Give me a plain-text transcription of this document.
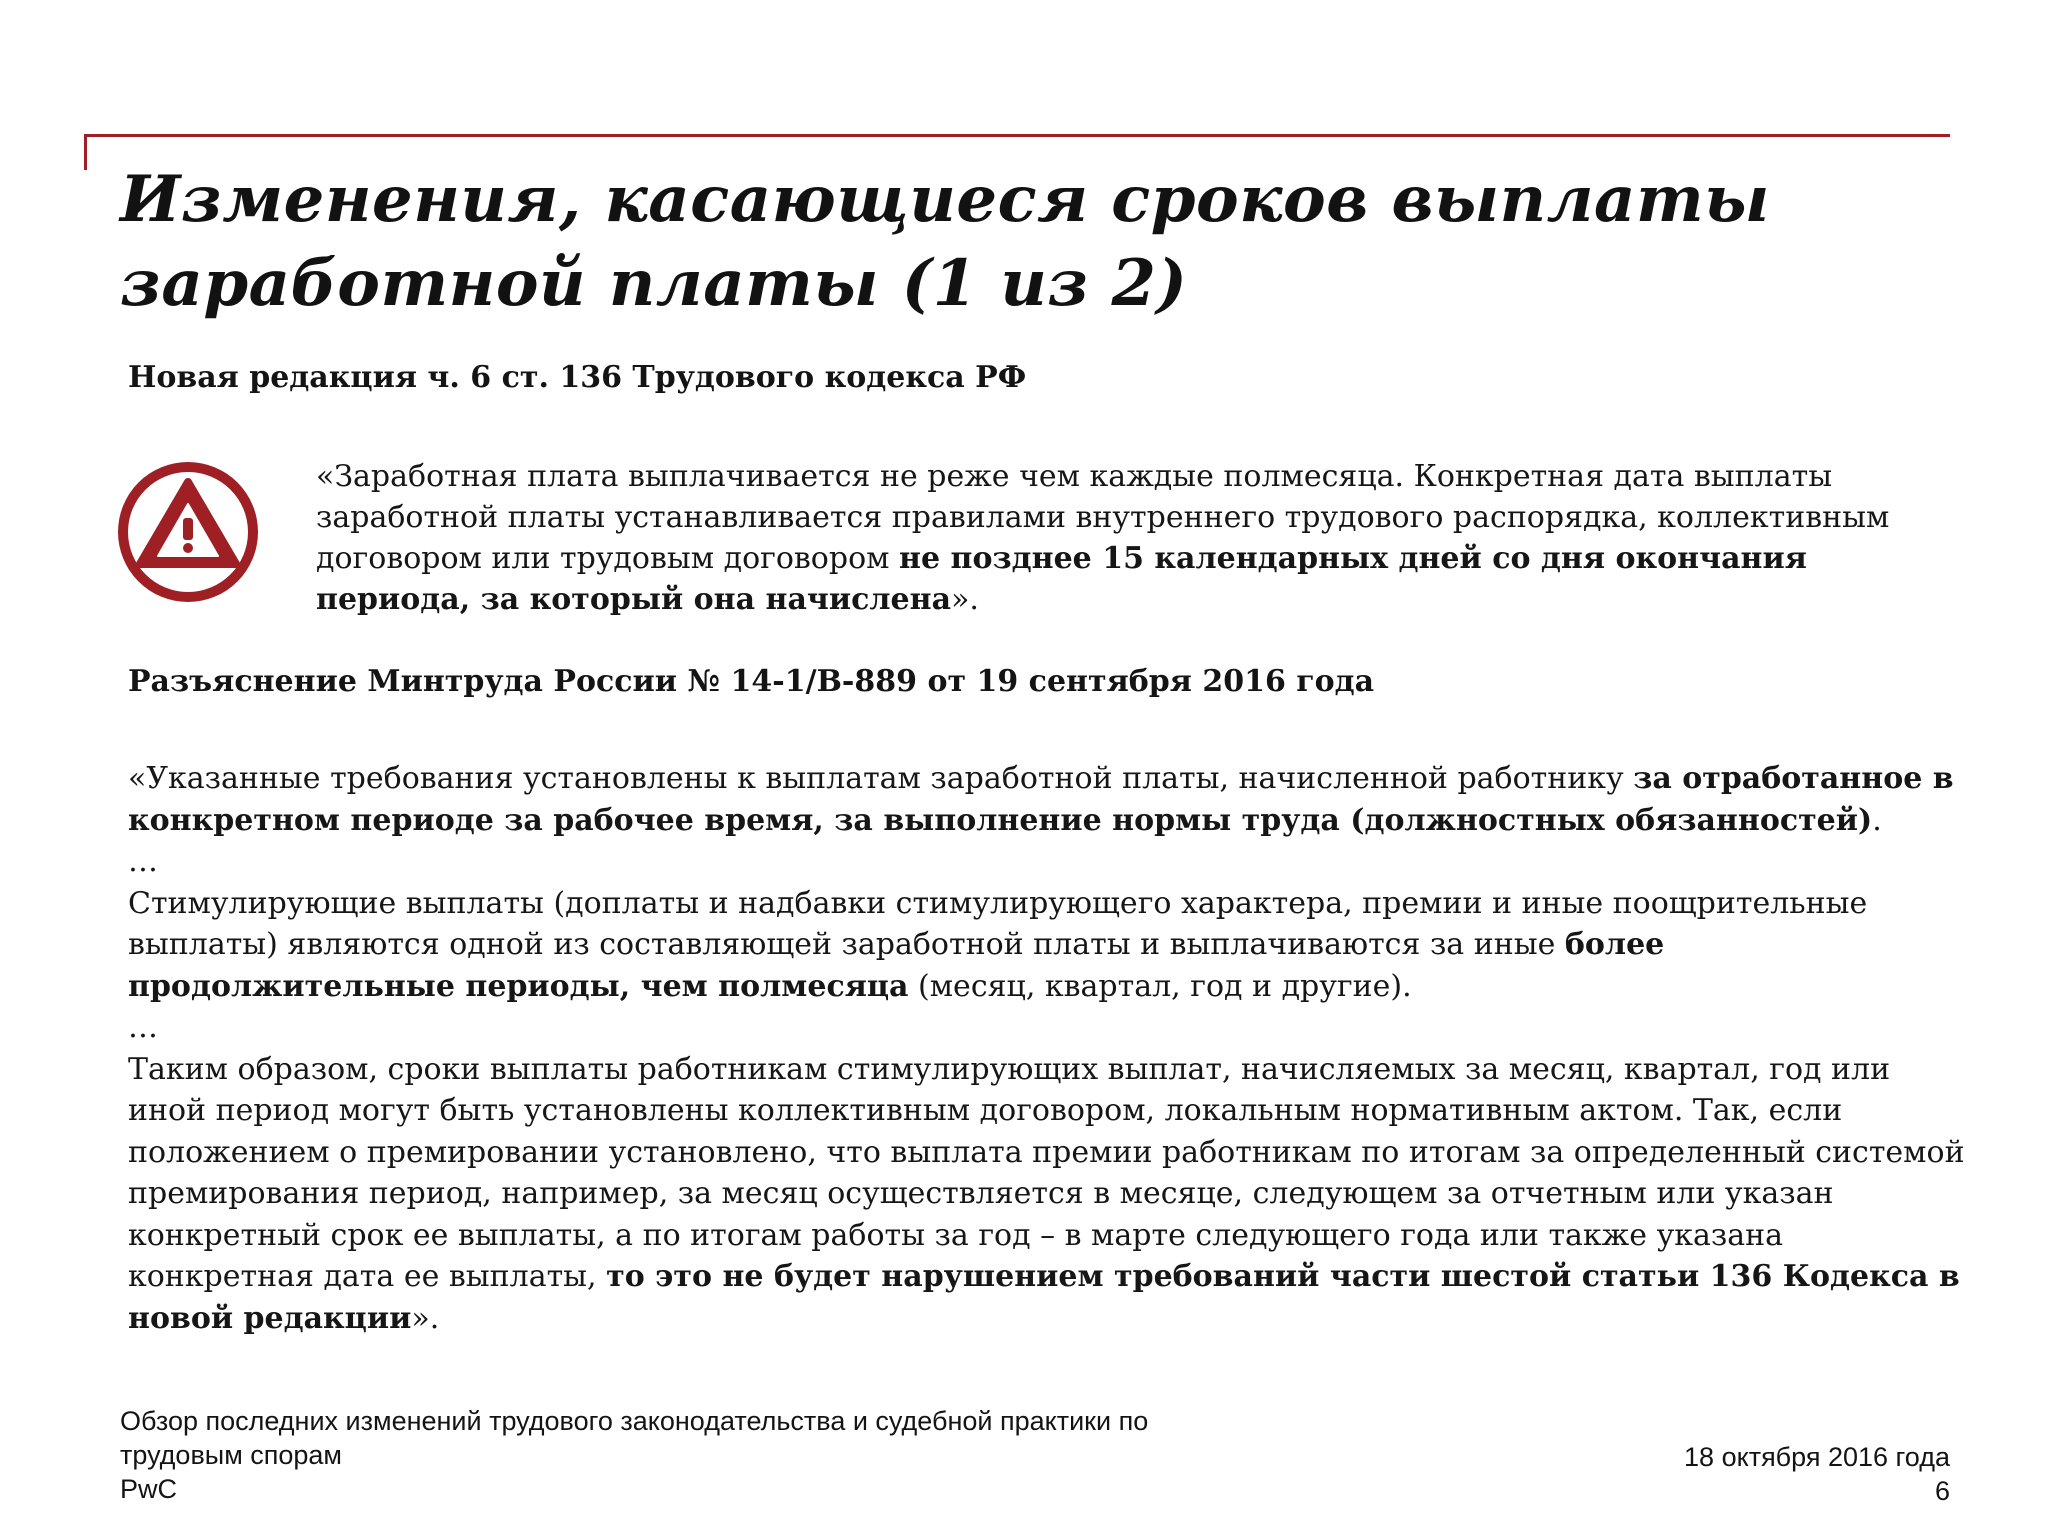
Изменения, касающиеся сроков выплаты
заработной платы (1 из 2)
Новая редакция ч. 6 ст. 136 Трудового кодекса РФ

«Заработная плата выплачивается не реже чем каждые полмесяца. Конкретная дата выплаты заработной платы устанавливается правилами внутреннего трудового распорядка, коллективным договором или трудовым договором не позднее 15 календарных дней со дня окончания периода, за который она начислена».

Разъяснение Минтруда России № 14-1/В-889 от 19 сентября 2016 года

«Указанные требования установлены к выплатам заработной платы, начисленной работнику за отработанное в конкретном периоде за рабочее время, за выполнение нормы труда (должностных обязанностей).

…

Стимулирующие выплаты (доплаты и надбавки стимулирующего характера, премии и иные поощрительные выплаты) являются одной из составляющей заработной платы и выплачиваются за иные более продолжительные периоды, чем полмесяца (месяц, квартал, год и другие).

…

Таким образом, сроки выплаты работникам стимулирующих выплат, начисляемых за месяц, квартал, год или иной период могут быть установлены коллективным договором, локальным нормативным актом. Так, если положением о премировании установлено, что выплата премии работникам по итогам за определенный системой премирования период, например, за месяц осуществляется в месяце, следующем за отчетным или указан конкретный срок ее выплаты, а по итогам работы за год – в марте следующего года или также указана конкретная дата ее выплаты, то это не будет нарушением требований части шестой статьи 136 Кодекса в новой редакции».

Обзор последних изменений трудового законодательства и судебной практики по
трудовым спорам
PwC
18 октября 2016 года
6
